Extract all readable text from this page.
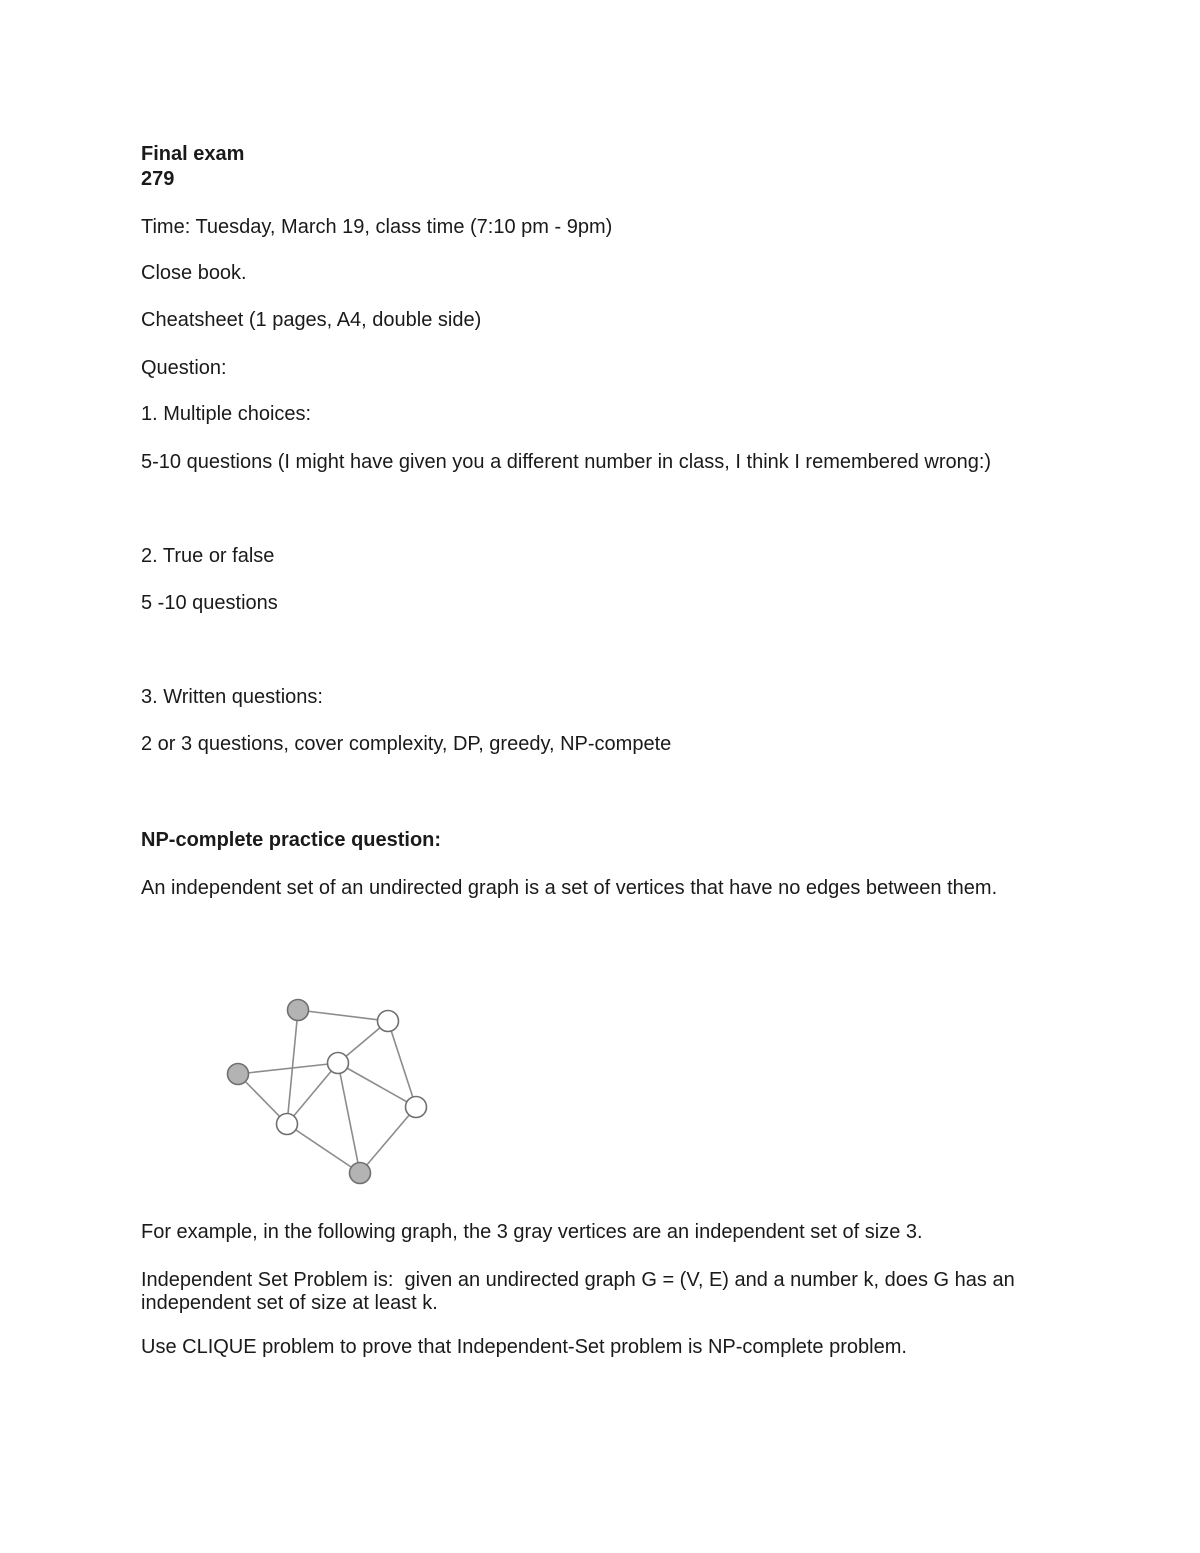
Final exam

279

Time: Tuesday, March 19, class time (7:10 pm - 9pm)

Close book.

Cheatsheet (1 pages, A4, double side)

Question:

1. Multiple choices:

5-10 questions (I might have given you a different number in class, I think I remembered wrong:)

2. True or false

5 -10 questions

3. Written questions:

2 or 3 questions, cover complexity, DP, greedy, NP-compete

NP-complete practice question:

An independent set of an undirected graph is a set of vertices that have no edges between them.

For example, in the following graph, the 3 gray vertices are an independent set of size 3.

Independent Set Problem is:  given an undirected graph G = (V, E) and a number k, does G has an independent set of size at least k.

Use CLIQUE problem to prove that Independent-Set problem is NP-complete problem.
